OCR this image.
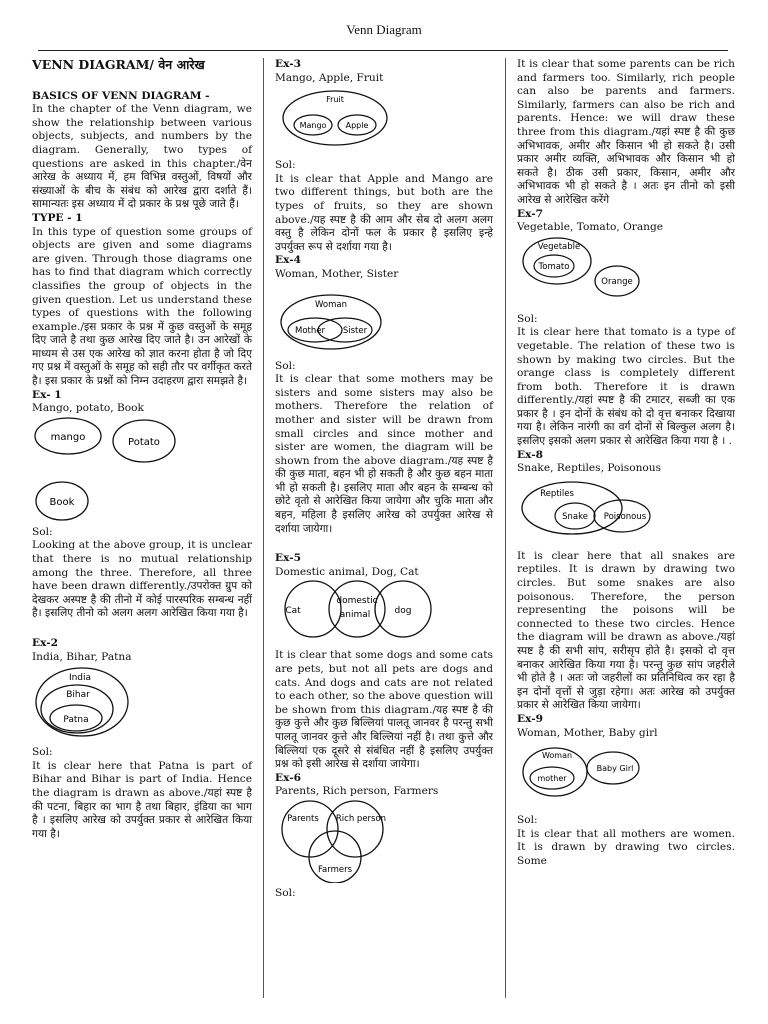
Venn Diagram

VENN DIAGRAM/ वेन आरेख

BASICS OF VENN DIAGRAM -

In the chapter of the Venn diagram, we show the relationship between various objects, subjects, and numbers by the diagram. Generally, two types of questions are asked in this chapter./वेन आरेख के अध्याय में, हम विभिन्न वस्तुओं, विषयों और संख्याओं के बीच के संबंध को आरेख द्वारा दर्शाते हैं। सामान्यतः इस अध्याय में दो प्रकार के प्रश्न पूछे जाते हैं।

TYPE - 1

In this type of question some groups of objects are given and some diagrams are given. Through those diagrams one has to find that diagram which correctly classifies the group of objects in the given question. Let us understand these types of questions with the following example./इस प्रकार के प्रश्न में कुछ वस्तुओं के समूह दिए जाते है तथा कुछ आरेख दिए जाते है। उन आरेखों के माध्यम से उस एक आरेख को ज्ञात करना होता है जो दिए गए प्रश्न में वस्तुओं के समूह को सही तौर पर वर्गीकृत करते है। इस प्रकार के प्रश्नों को निम्न उदाहरण द्वारा समझते है।

Ex- 1

Mango, potato, Book

mango	Potato
Book

Sol:

Looking at the above group, it is unclear that there is no mutual relationship among the three. Therefore, all three have been drawn differently./उपरोक्त ग्रुप को देखकर अस्पष्ट है की तीनो में कोई पारस्परिक सम्बन्ध नहीं है। इसलिए तीनो को अलग अलग आरेखित किया गया है।

Ex-2

India, Bihar, Patna

India
Bihar
Patna

Sol:

It is clear here that Patna is part of Bihar and Bihar is part of India. Hence the diagram is drawn as above./यहां स्पष्ट है की पटना, बिहार का भाग है तथा बिहार, इंडिया का भाग है । इसलिए आरेख को उपर्युक्त प्रकार से आरेखित किया गया है।

Ex-3

Mango, Apple, Fruit

Fruit
Mango Apple

Sol:

It is clear that Apple and Mango are two different things, but both are the types of fruits, so they are shown above./यह स्पष्ट है की आम और सेब दो अलग अलग वस्तु है लेकिन दोनों फल के प्रकार है इसलिए इन्हे उपर्युक्त रूप से दर्शाया गया है।

Ex-4

Woman, Mother, Sister

Woman
Mother Sister

Sol:

It is clear that some mothers may be sisters and some sisters may also be mothers. Therefore the relation of mother and sister will be drawn from small circles and since mother and sister are women, the diagram will be shown from the above diagram./यह स्पष्ट है की कुछ माता, बहन भी हो सकती है और कुछ बहन माता भी हो सकती है। इसलिए माता और बहन के सम्बन्ध को छोटे वृतो से आरेखित किया जायेगा और चुकि माता और बहन, महिला है इसलिए आरेख को उपर्युक्त आरेख से दर्शाया जायेगा।

Ex-5

Domestic animal, Dog, Cat

Cat
domestic
animal	dog

It is clear that some dogs and some cats are pets, but not all pets are dogs and cats. And dogs and cats are not related to each other, so the above question will be shown from this diagram./यह स्पष्ट है की कुछ कुत्ते और कुछ बिल्लियां पालतू जानवर है परन्तु सभी पालतू जानवर कुत्ते और बिल्लियां नहीं है। तथा कुत्ते और बिल्लियां एक दूसरे से संबंधित नहीं है इसलिए उपर्युक्त प्रश्न को इसी आरेख से दर्शाया जायेगा।

Ex-6

Parents, Rich person, Farmers

Parents Rich person
Farmers

Sol:

It is clear that some parents can be rich and farmers too. Similarly, rich people can also be parents and farmers. Similarly, farmers can also be rich and parents. Hence: we will draw these three from this diagram./यहां स्पष्ट है की कुछ अभिभावक, अमीर और किसान भी हो सकते है। उसी प्रकार अमीर व्यक्ति, अभिभावक और किसान भी हो सकते है। ठीक उसी प्रकार, किसान, अमीर और अभिभावक भी हो सकते है । अतः इन तीनो को इसी आरेख से आरेखित करेंगे

Ex-7

Vegetable, Tomato, Orange

Vegetable
Tomato
Orange

Sol:

It is clear here that tomato is a type of vegetable. The relation of these two is shown by making two circles. But the orange class is completely different from both. Therefore it is drawn differently./यहां स्पष्ट है की टमाटर, सब्जी का एक प्रकार है । इन दोनों के संबंध को दो वृत्त बनाकर दिखाया गया है। लेकिन नारंगी का वर्ग दोनों से बिल्कुल अलग है। इसलिए इसको अलग प्रकार से आरेखित किया गया है । .

Ex-8

Snake, Reptiles, Poisonous

Reptiles
Snake Poisonous

It is clear here that all snakes are reptiles. It is drawn by drawing two circles. But some snakes are also poisonous. Therefore, the person representing the poisons will be connected to these two circles. Hence the diagram will be drawn as above./यहां स्पष्ट है की सभी सांप, सरीसृप होते है। इसको दो वृत्त बनाकर आरेखित किया गया है। परन्तु कुछ सांप जहरीले भी होते है । अतः जो जहरीलों का प्रतिनिधित्व कर रहा है इन दोनों वृत्तों से जुड़ा रहेगा। अतः आरेख को उपर्युक्त प्रकार से आरेखित किया जायेगा।

Ex-9

Woman, Mother, Baby girl

Woman
mother
Baby Girl

Sol:

It is clear that all mothers are women. It is drawn by drawing two circles. Some
